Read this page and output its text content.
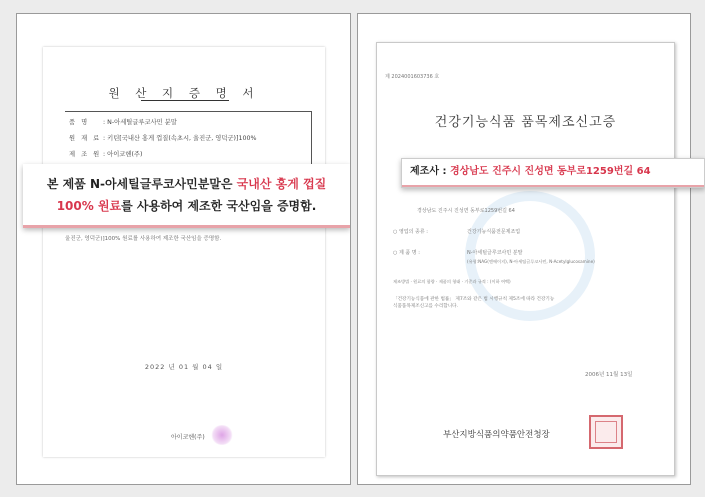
원 산 지 증 명 서
품 명 : N-아세틸글루코사민 분말
원 재 료 : 키틴[국내산 홍게 껍질(속초시, 울진군, 영덕군)]100%
제 조 원 : 아이코헨(주)
울진군, 영덕군)]100% 원료를 사용하여 제조한 국산임을 증명함.
2022 년 01 월 04 일
아이코헨(주)
본 제품 N-아세틸글루코사민분말은 국내산 홍게 껍질
100% 원료를 사용하여 제조한 국산임을 증명함.
제 2024001603736 호
건강기능식품 품목제조신고증
경상남도 진주시 진성면 동부로1259번길 64
○ 영업의 종류 :	건강기능식품전문제조업
○ 제 품 명 :	N-아세틸글루코사민 분말
(유형:NAG(엔에이지), N-아세틸글루코사민, N-Acetylglucosamine)
제조방법 · 원료의 함량 · 제품의 형태 · 기준과 규격 : (이하 여백)
「건강기능식품에 관한 법률」 제7조와 같은 법 시행규칙 제5조에 따라 건강기능
식품품목제조신고를 수리합니다.
2006년 11월 13일
부산지방식품의약품안전청장
제조사 : 경상남도 진주시 진성면 동부로1259번길 64
